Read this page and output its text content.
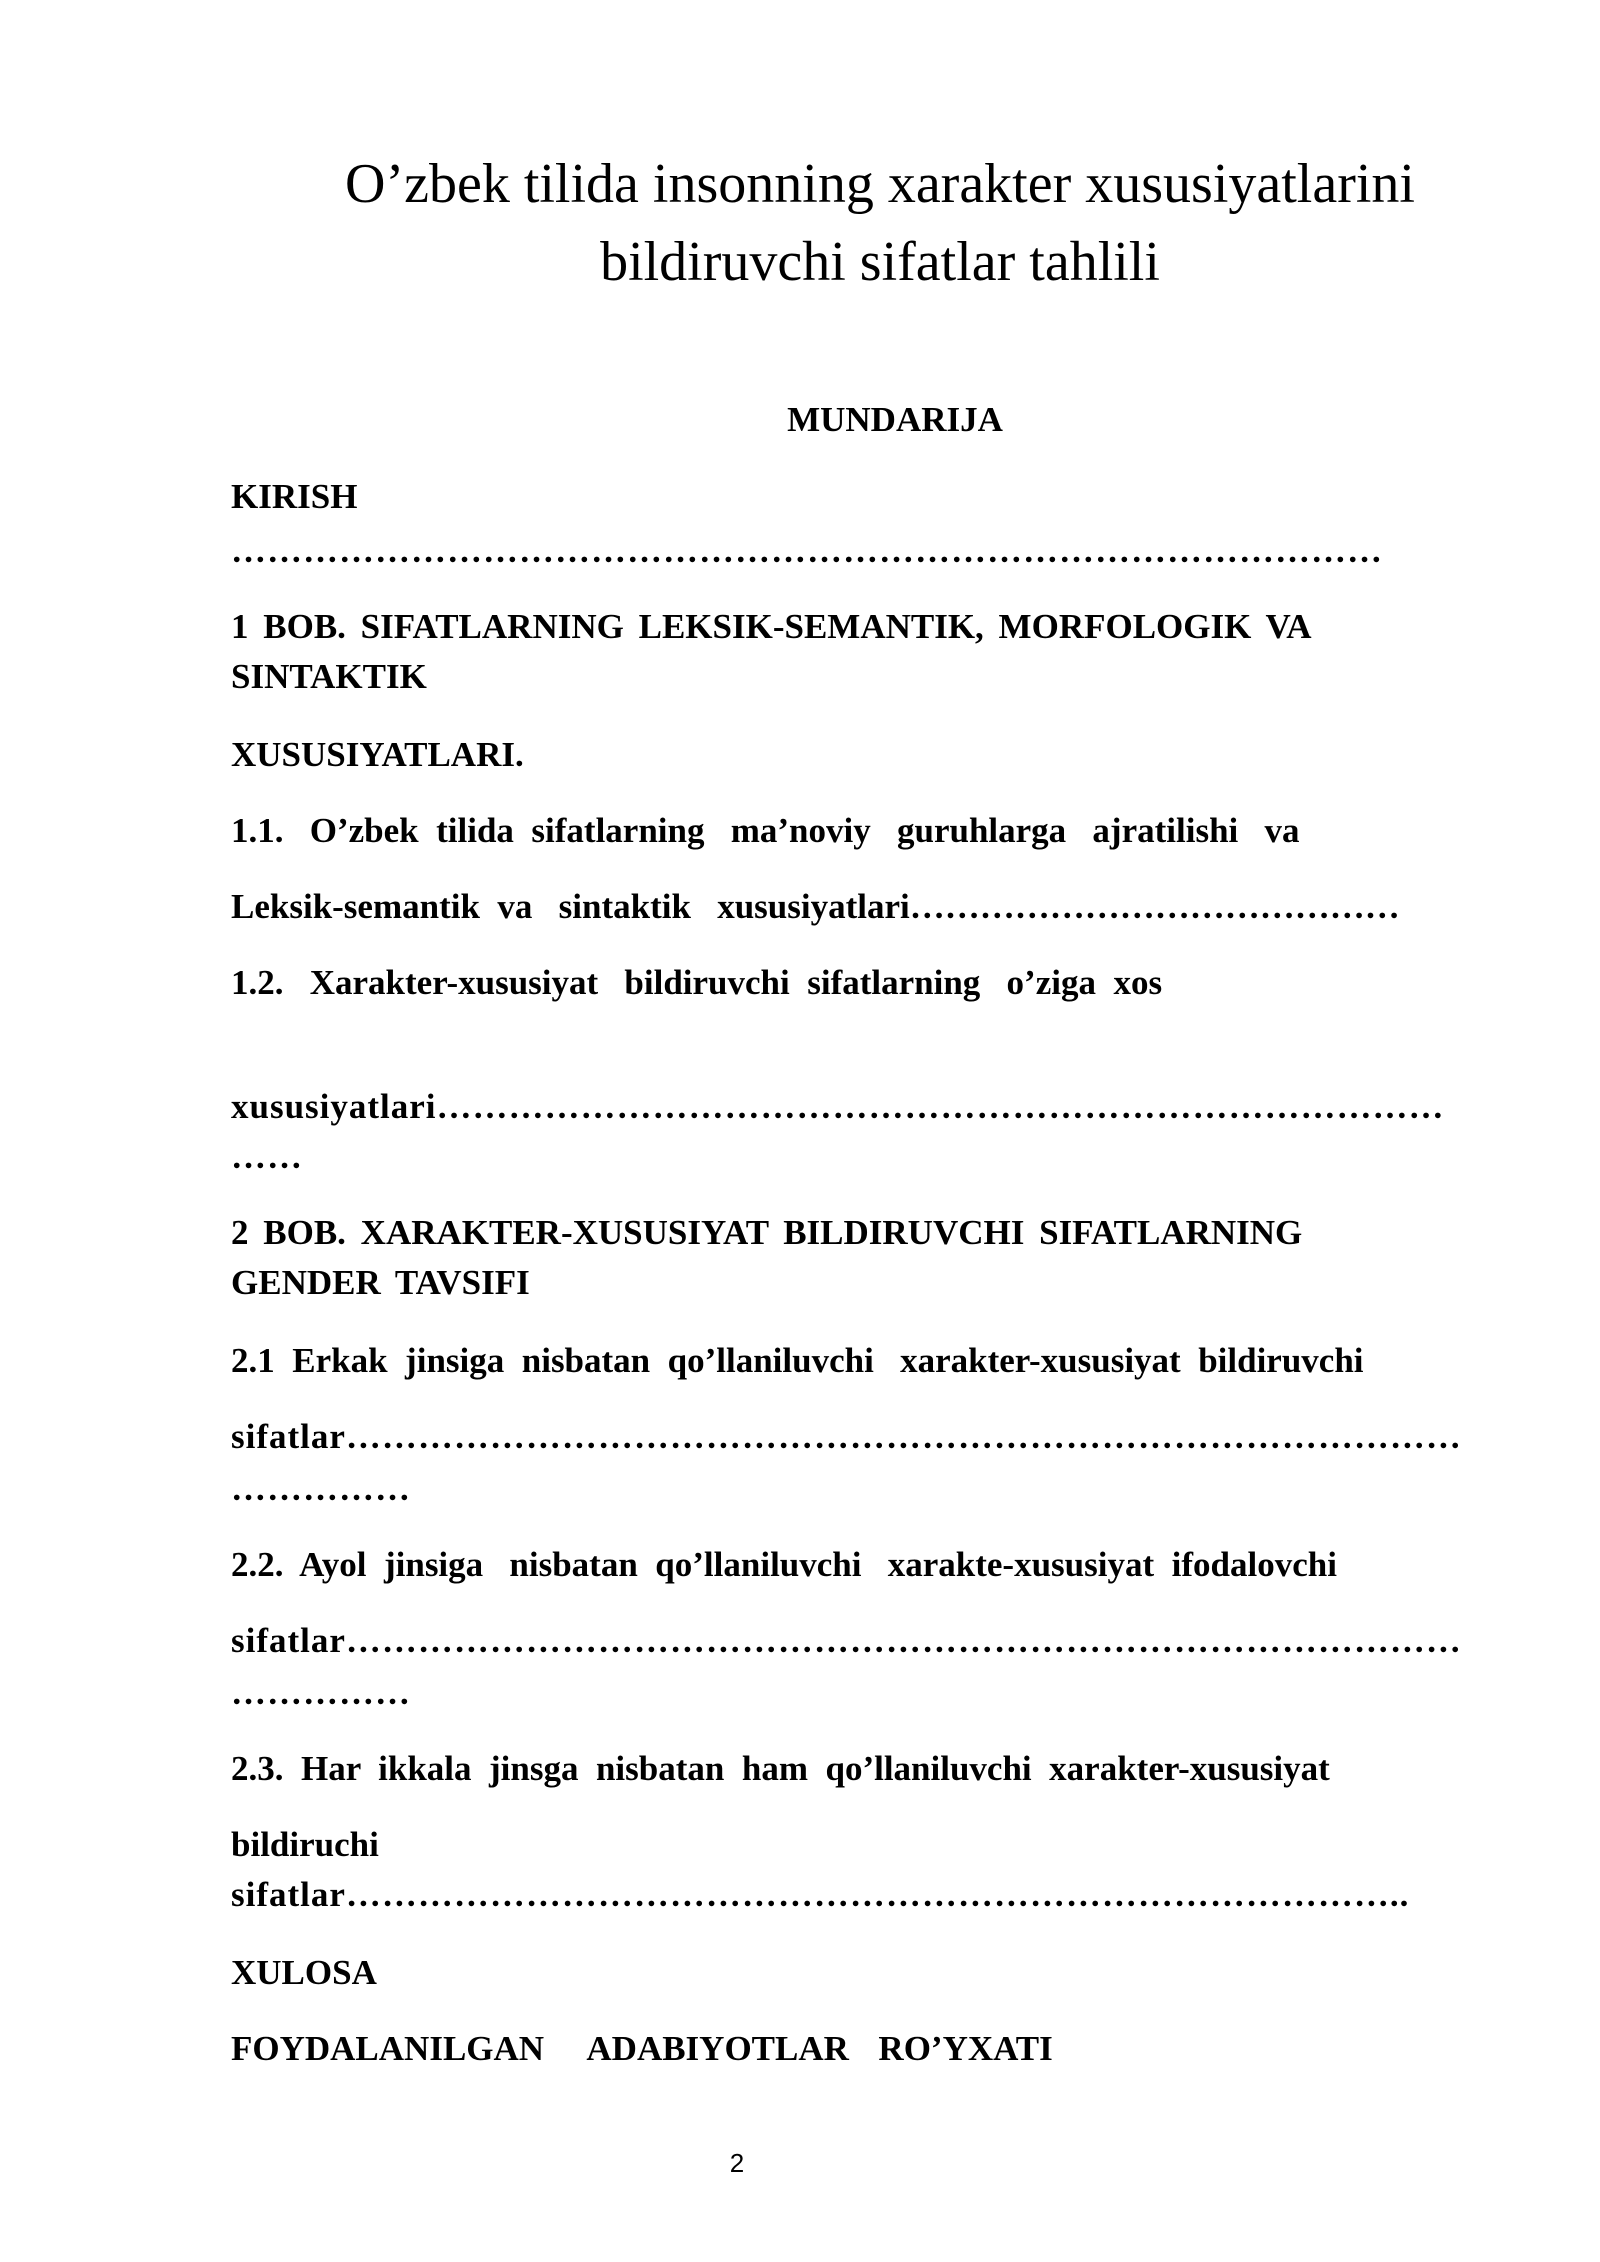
O’zbek tilida insonning xarakter xususiyatlarini
bildiruvchi sifatlar tahlili
MUNDARIJA
KIRISH
……………………………………………………………………………………
1 BOB. SIFATLARNING LEKSIK-SEMANTIK, MORFOLOGIK VA
SINTAKTIK
XUSUSIYATLARI.
1.1.   O’zbek  tilida  sifatlarning   ma’noviy   guruhlarga   ajratilishi   va
Leksik-semantik  va   sintaktik   xususiyatlari……………………………………
1.2.   Xarakter-xususiyat   bildiruvchi  sifatlarning   o’ziga  xos
xususiyatlari…………………………………………………………………………
……
2 BOB. XARAKTER-XUSUSIYAT BILDIRUVCHI SIFATLARNING
GENDER TAVSIFI
2.1  Erkak  jinsiga  nisbatan  qo’llaniluvchi   xarakter-xususiyat  bildiruvchi
sifatlar…………………………………………………………………………………
……………
2.2.  Ayol  jinsiga   nisbatan  qo’llaniluvchi   xarakte-xususiyat  ifodalovchi
sifatlar…………………………………………………………………………………
……………
2.3.  Har  ikkala  jinsga  nisbatan  ham  qo’llaniluvchi  xarakter-xususiyat
bildiruchi
sifatlar……………………………………………………………………………..
XULOSA
FOYDALANILGAN   ADABIYOTLAR  RO’YXATI
2
